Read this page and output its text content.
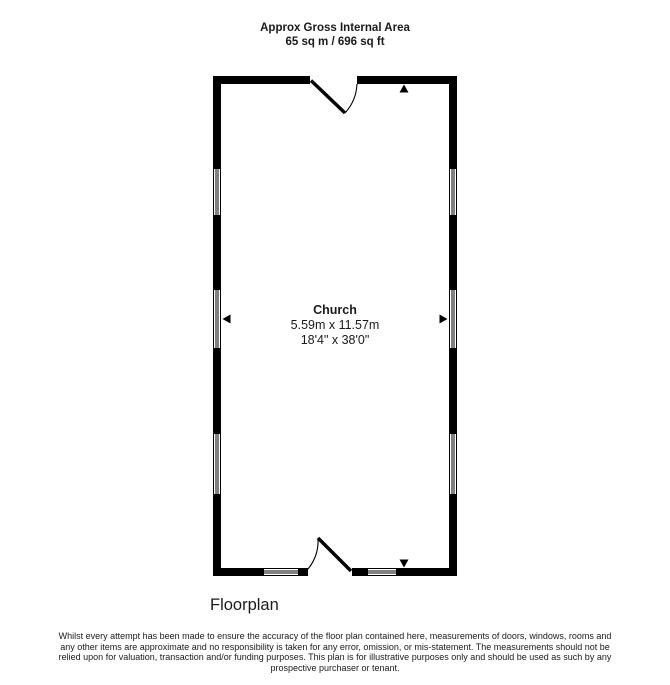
Approx Gross Internal Area
65 sq m / 696 sq ft
Church
5.59m x 11.57m
18'4" x 38'0"
Floorplan
Whilst every attempt has been made to ensure the accuracy of the floor plan contained here, measurements of doors, windows, rooms and
any other items are approximate and no responsibility is taken for any error, omission, or mis-statement. The measurements should not be
relied upon for valuation, transaction and/or funding purposes. This plan is for illustrative purposes only and should be used as such by any
prospective purchaser or tenant.
